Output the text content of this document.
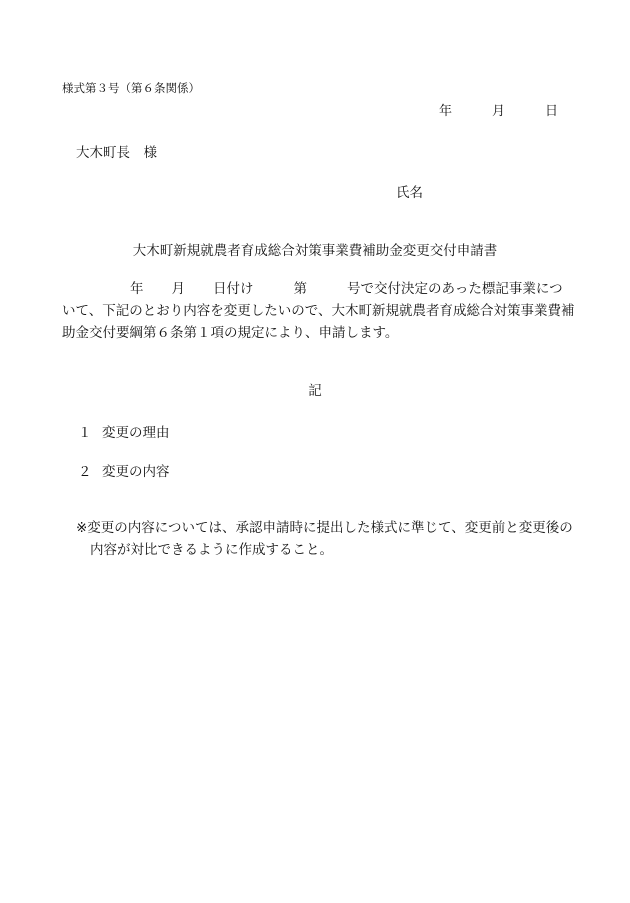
様式第３号（第６条関係）
年	月	日
大木町長　様
氏名
大木町新規就農者育成総合対策事業費補助金変更交付申請書
年 月 日付け	第	号で交付決定のあった標記事業につ
いて、下記のとおり内容を変更したいので、大木町新規就農者育成総合対策事業費補
助金交付要綱第６条第１項の規定により、申請します。
記
１ 変更の理由
２ 変更の内容
※変更の内容については、承認申請時に提出した様式に準じて、変更前と変更後の
内容が対比できるように作成すること。
